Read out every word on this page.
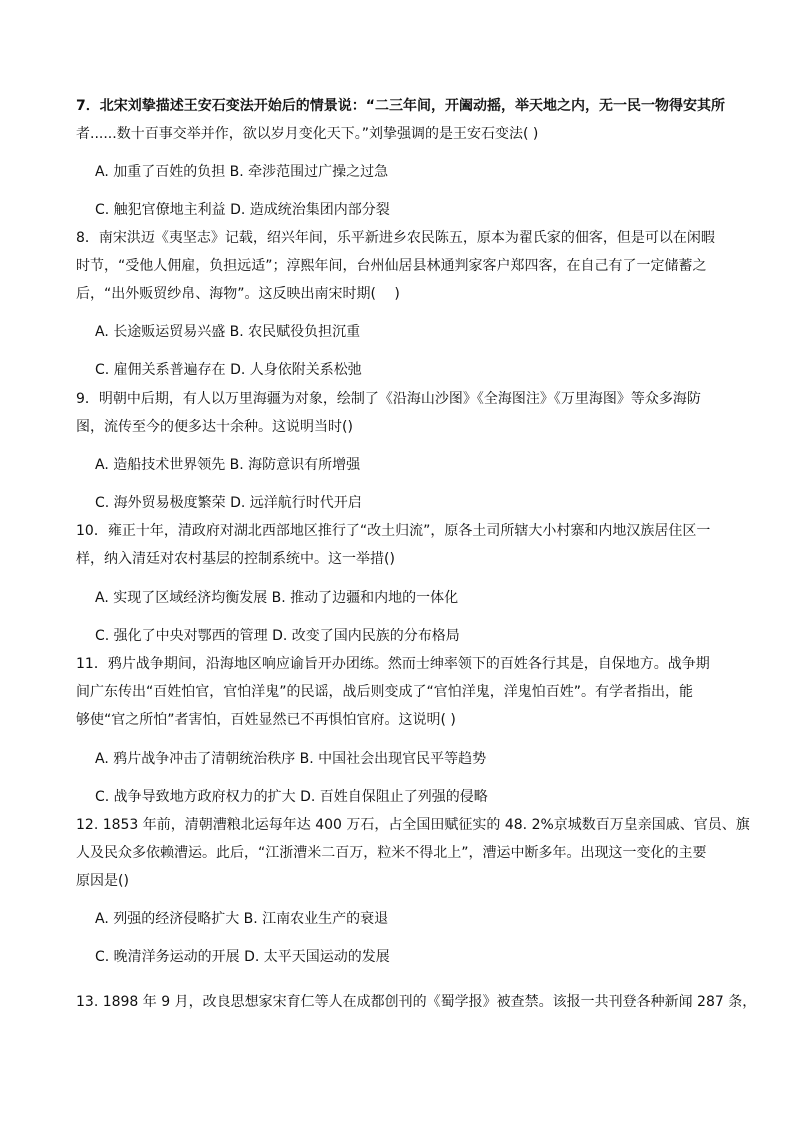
7．北宋刘挚描述王安石变法开始后的情景说：“二三年间，开阖动摇，举天地之内，无一民一物得安其所
者......数十百事交举并作，欲以岁月变化天下。”刘挚强调的是王安石变法( )
A. 加重了百姓的负担 B. 牵涉范围过广操之过急
C. 触犯官僚地主利益 D. 造成统治集团内部分裂
8．南宋洪迈《夷坚志》记载，绍兴年间，乐平新进乡农民陈五，原本为翟氏家的佃客，但是可以在闲暇
时节，“受他人佣雇，负担远适”；淳熙年间，台州仙居县林通判家客户郑四客，在自己有了一定储蓄之
后，“出外贩贸纱帛、海物”。这反映出南宋时期(　 )
A. 长途贩运贸易兴盛 B. 农民赋役负担沉重
C. 雇佣关系普遍存在 D. 人身依附关系松弛
9．明朝中后期，有人以万里海疆为对象，绘制了《沿海山沙图》《全海图注》《万里海图》等众多海防
图，流传至今的便多达十余种。这说明当时()
A. 造船技术世界领先 B. 海防意识有所增强
C. 海外贸易极度繁荣 D. 远洋航行时代开启
10．雍正十年，清政府对湖北西部地区推行了“改土归流”，原各土司所辖大小村寨和内地汉族居住区一
样，纳入清廷对农村基层的控制系统中。这一举措()
A. 实现了区域经济均衡发展 B. 推动了边疆和内地的一体化
C. 强化了中央对鄂西的管理 D. 改变了国内民族的分布格局
11．鸦片战争期间，沿海地区响应谕旨开办团练。然而士绅率领下的百姓各行其是，自保地方。战争期
间广东传出“百姓怕官，官怕洋鬼”的民谣，战后则变成了“官怕洋鬼，洋鬼怕百姓”。有学者指出，能
够使“官之所怕”者害怕，百姓显然已不再惧怕官府。这说明( )
A. 鸦片战争冲击了清朝统治秩序 B. 中国社会出现官民平等趋势
C. 战争导致地方政府权力的扩大 D. 百姓自保阻止了列强的侵略
12. 1853 年前，清朝漕粮北运每年达 400 万石，占全国田赋征实的 48. 2%京城数百万皇亲国戚、官员、旗
人及民众多依赖漕运。此后，“江浙漕米二百万，粒米不得北上”，漕运中断多年。出现这一变化的主要
原因是()
A. 列强的经济侵略扩大 B. 江南农业生产的衰退
C. 晚清洋务运动的开展 D. 太平天国运动的发展
13. 1898 年 9 月，改良思想家宋育仁等人在成都创刊的《蜀学报》被查禁。该报一共刊登各种新闻 287 条，
